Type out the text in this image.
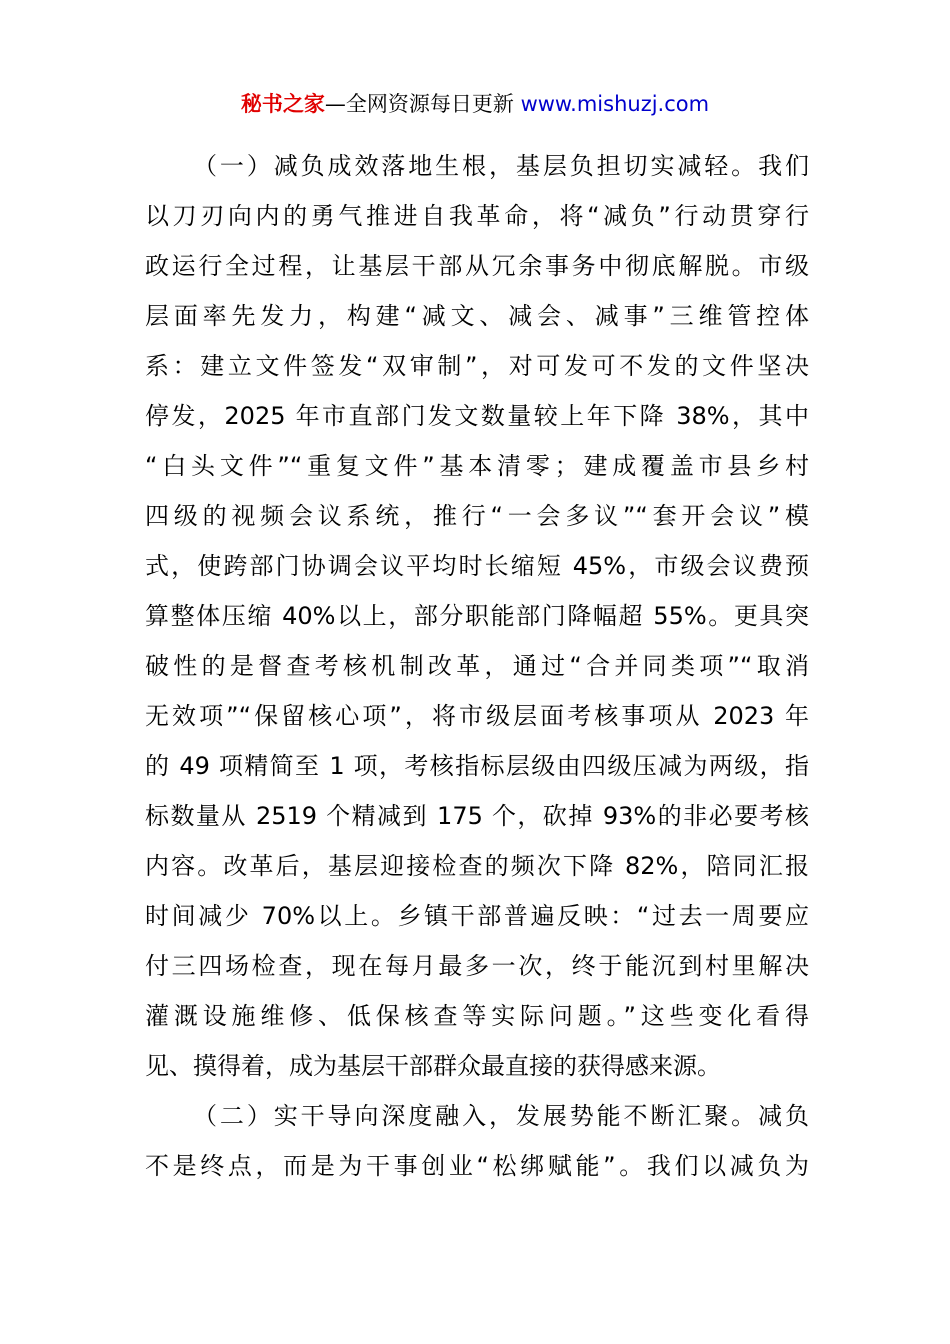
秘书之家—全网资源每日更新 www.mishuzj.com
（一）减负成效落地生根，基层负担切实减轻。我们
以刀刃向内的勇气推进自我革命，将“减负”行动贯穿行
政运行全过程，让基层干部从冗余事务中彻底解脱。市级
层面率先发力，构建“减文、减会、减事”三维管控体
系：建立文件签发“双审制”，对可发可不发的文件坚决
停发，2025 年市直部门发文数量较上年下降 38%，其中
“白头文件”“重复文件”基本清零；建成覆盖市县乡村
四级的视频会议系统，推行“一会多议”“套开会议”模
式，使跨部门协调会议平均时长缩短 45%，市级会议费预
算整体压缩 40%以上，部分职能部门降幅超 55%。更具突
破性的是督查考核机制改革，通过“合并同类项”“取消
无效项”“保留核心项”，将市级层面考核事项从 2023 年
的 49 项精简至 1 项，考核指标层级由四级压减为两级，指
标数量从 2519 个精减到 175 个，砍掉 93%的非必要考核
内容。改革后，基层迎接检查的频次下降 82%，陪同汇报
时间减少 70%以上。乡镇干部普遍反映：“过去一周要应
付三四场检查，现在每月最多一次，终于能沉到村里解决
灌溉设施维修、低保核查等实际问题。”这些变化看得
见、摸得着，成为基层干部群众最直接的获得感来源。
（二）实干导向深度融入，发展势能不断汇聚。减负
不是终点，而是为干事创业“松绑赋能”。我们以减负为
